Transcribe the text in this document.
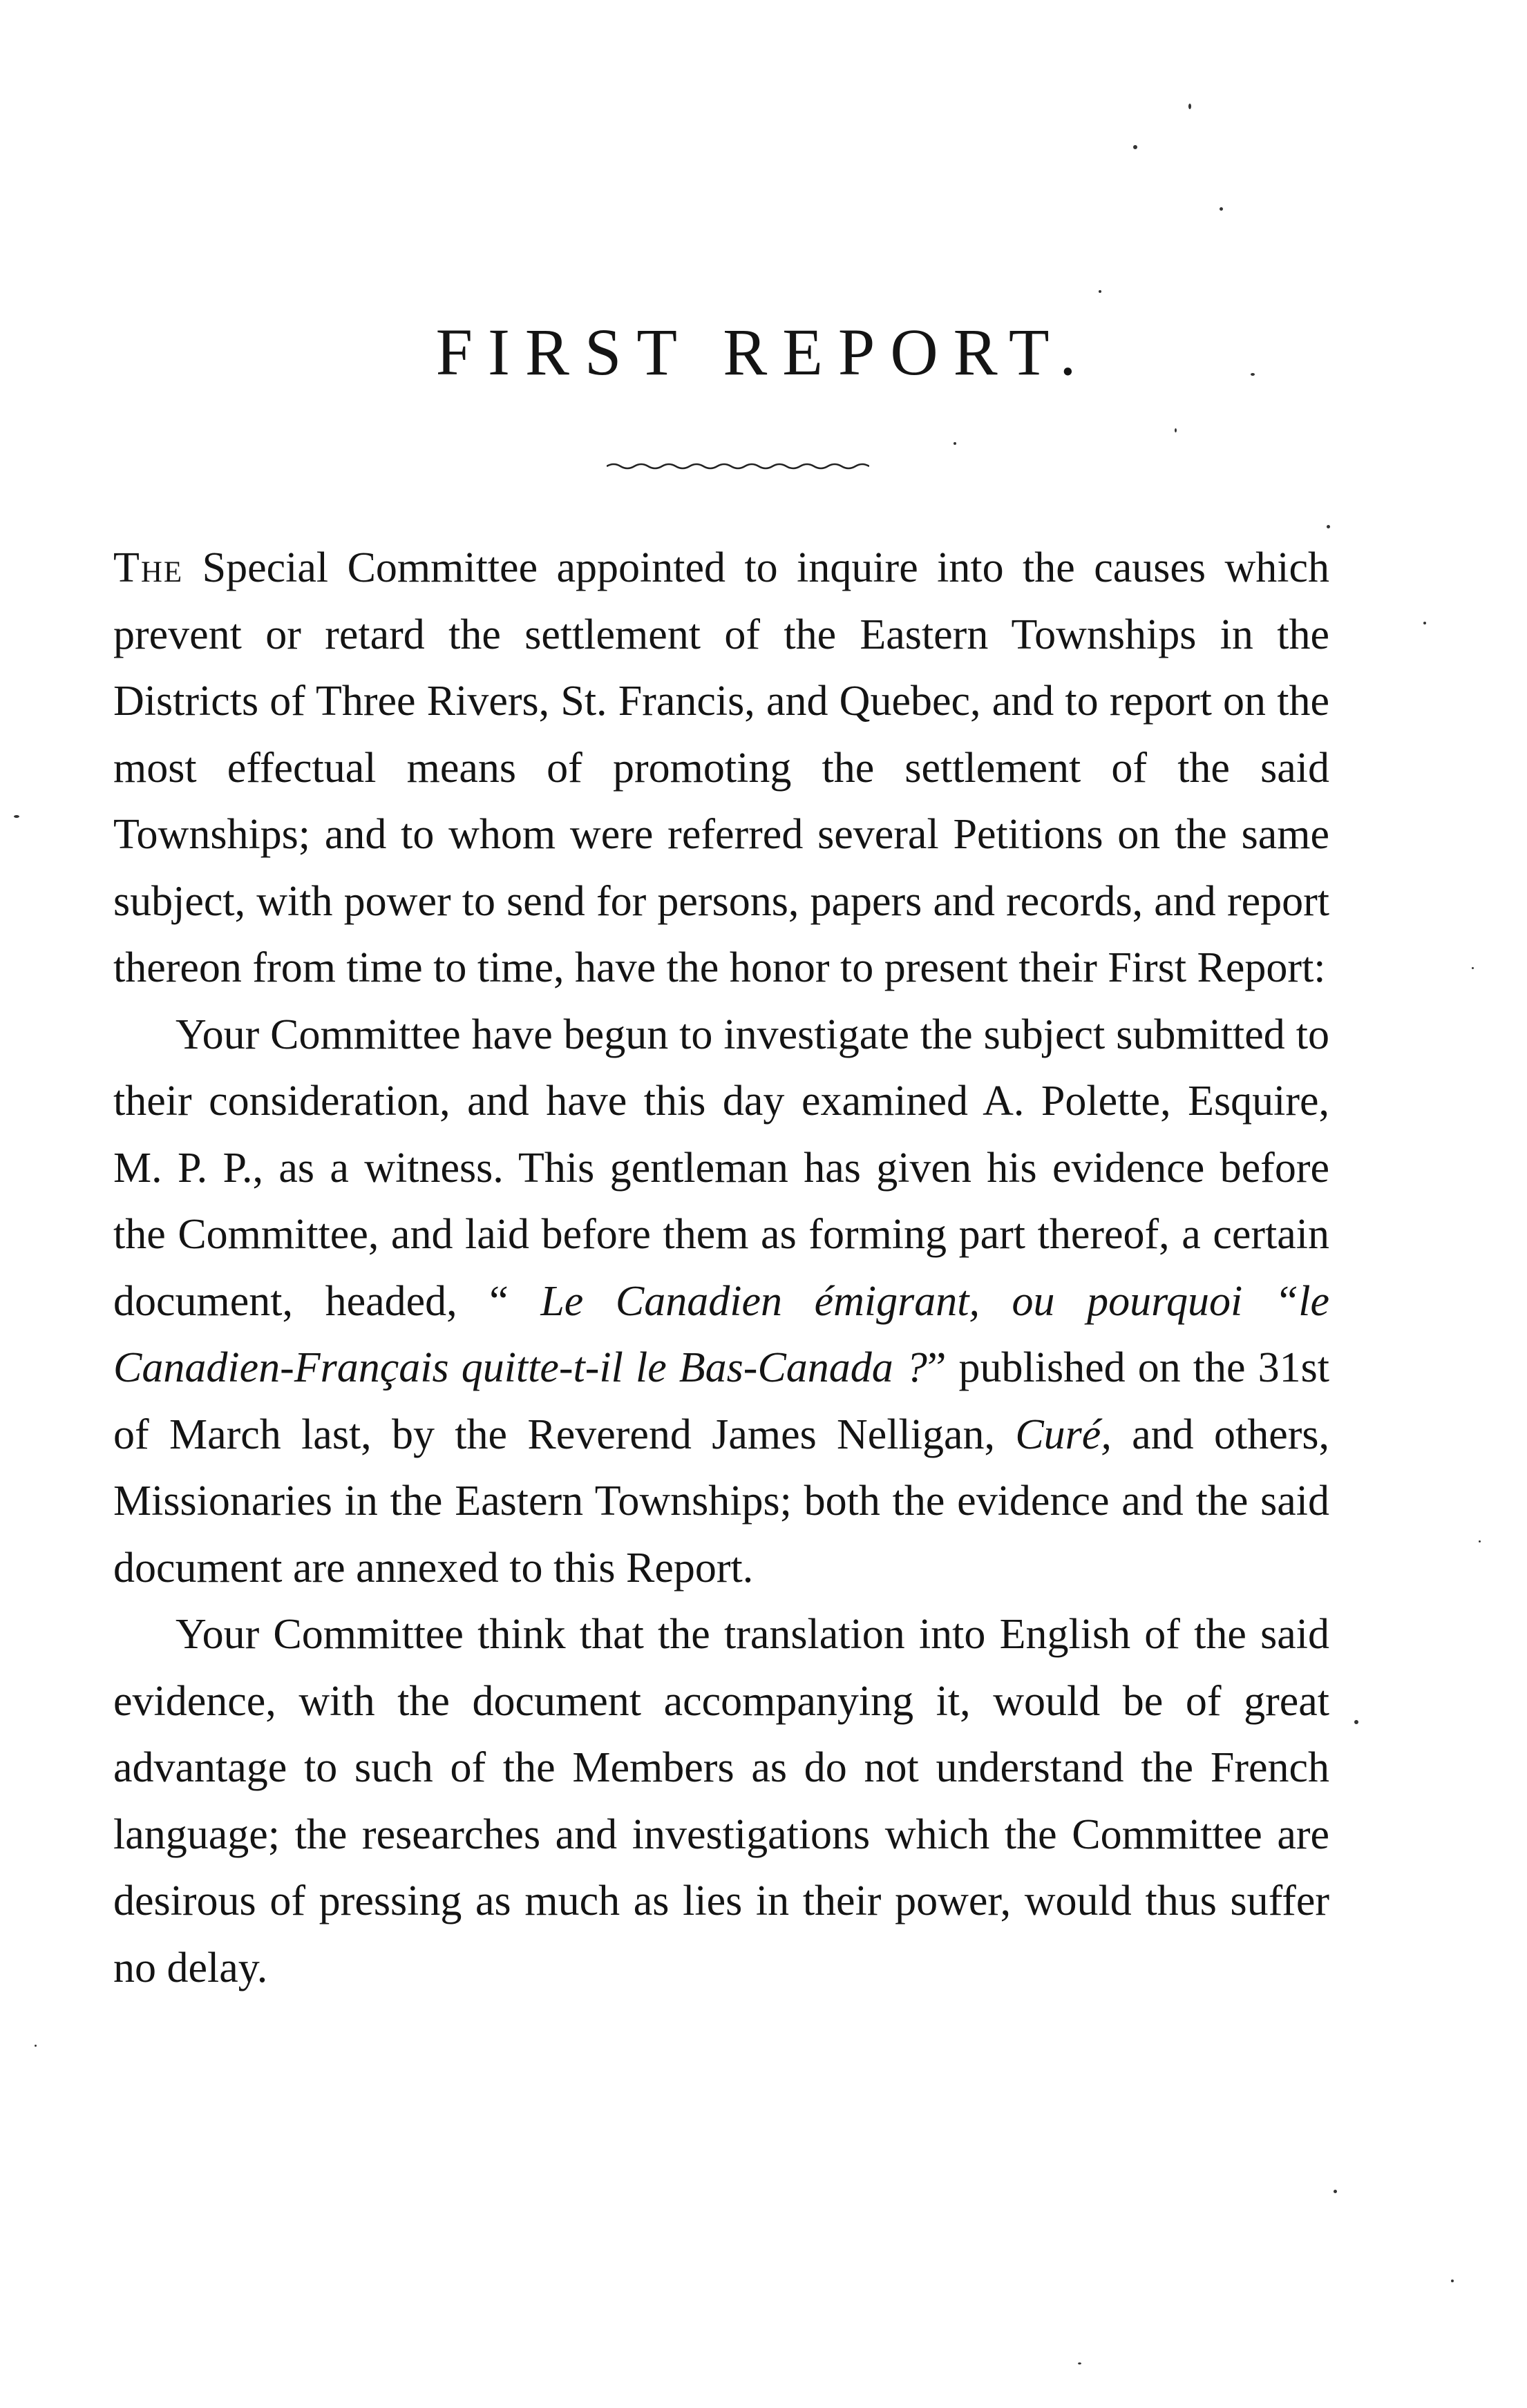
FIRST REPORT.

The Special Committee appointed to inquire into the causes which prevent or retard the settlement of the Eastern Townships in the Districts of Three Rivers, St. Francis, and Quebec, and to report on the most effectual means of promoting the settlement of the said Townships; and to whom were referred several Petitions on the same subject, with power to send for persons, papers and records, and report thereon from time to time, have the honor to present their First Report:

Your Committee have begun to investigate the subject submitted to their consideration, and have this day examined A. Polette, Esquire, M. P. P., as a witness. This gentleman has given his evidence before the Committee, and laid before them as forming part thereof, a certain document, headed, “ Le Canadien émigrant, ou pourquoi “le Canadien-Français quitte-t-il le Bas-Canada ?” published on the 31st of March last, by the Reverend James Nelligan, Curé, and others, Missionaries in the Eastern Townships; both the evidence and the said document are annexed to this Report.

Your Committee think that the translation into English of the said evidence, with the document accompanying it, would be of great advantage to such of the Members as do not understand the French language; the researches and investigations which the Committee are desirous of pressing as much as lies in their power, would thus suffer no delay.
